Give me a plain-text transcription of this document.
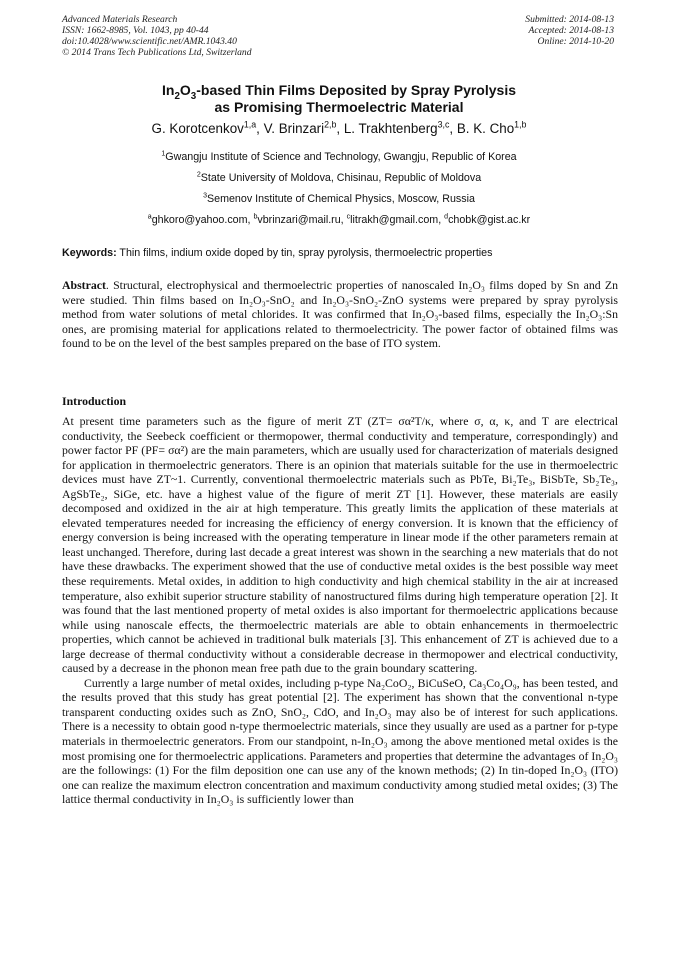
Advanced Materials Research
ISSN: 1662-8985, Vol. 1043, pp 40-44
doi:10.4028/www.scientific.net/AMR.1043.40
© 2014 Trans Tech Publications Ltd, Switzerland
Submitted: 2014-08-13
Accepted: 2014-08-13
Online: 2014-10-20
$In_2O_3$-based Thin Films Deposited by Spray Pyrolysis
as Promising Thermoelectric Material
G. Korotcenkov$^{1,a}$, V. Brinzari$^{2,b}$, L. Trakhtenberg$^{3,c}$, B. K. Cho$^{1,b}$
$^1$Gwangju Institute of Science and Technology, Gwangju, Republic of Korea
$^2$State University of Moldova, Chisinau, Republic of Moldova
$^3$Semenov Institute of Chemical Physics, Moscow, Russia
$^a$ghkoro@yahoo.com, $^b$vbrinzari@mail.ru, $^c$litrakh@gmail.com, $^d$chobk@gist.ac.kr
Keywords: Thin films, indium oxide doped by tin, spray pyrolysis, thermoelectric properties
Abstract. Structural, electrophysical and thermoelectric properties of nanoscaled In₂O₃ films doped by Sn and Zn were studied. Thin films based on In₂O₃-SnO₂ and In₂O₃-SnO₂-ZnO systems were prepared by spray pyrolysis method from water solutions of metal chlorides. It was confirmed that In₂O₃-based films, especially the In₂O₃:Sn ones, are promising material for applications related to thermoelectricity. The power factor of obtained films was found to be on the level of the best samples prepared on the base of ITO system.
Introduction

At present time parameters such as the figure of merit ZT (ZT= σα²T/κ, where σ, α, κ, and T are electrical conductivity, the Seebeck coefficient or thermopower, thermal conductivity and temperature, correspondingly) and power factor PF (PF= σα²) are the main parameters, which are usually used for characterization of materials designed for application in thermoelectric generators. There is an opinion that materials suitable for the use in thermoelectric devices must have ZT~1. Currently, conventional thermoelectric materials such as PbTe, Bi₂Te₃, BiSbTe, Sb₂Te₃, AgSbTe₂, SiGe, etc. have a highest value of the figure of merit ZT [1]. However, these materials are easily decomposed and oxidized in the air at high temperature. This greatly limits the application of these materials at elevated temperatures needed for increasing the efficiency of energy conversion. It is known that the efficiency of energy conversion is being increased with the operating temperature in linear mode if the other parameters remain at least unchanged. Therefore, during last decade a great interest was shown in the searching a new materials that do not have these drawbacks. The experiment showed that the use of conductive metal oxides is the best possible way meet these requirements. Metal oxides, in addition to high conductivity and high chemical stability in the air at increased temperature, also exhibit superior structure stability of nanostructured films during high temperature operation [2]. It was found that the last mentioned property of metal oxides is also important for thermoelectric applications because while using nanoscale effects, the thermoelectric materials are able to obtain enhancements in thermoelectric properties, which cannot be achieved in traditional bulk materials [3]. This enhancement of ZT is achieved due to a large decrease of thermal conductivity without a considerable decrease in thermopower and electrical conductivity, caused by a decrease in the phonon mean free path due to the grain boundary scattering.

Currently a large number of metal oxides, including p-type Na₂CoO₂, BiCuSeO, Ca₃Co₄O₉, has been tested, and the results proved that this study has great potential [2]. The experiment has shown that the conventional n-type transparent conducting oxides such as ZnO, SnO₂, CdO, and In₂O₃ may also be of interest for such applications. There is a necessity to obtain good n-type thermoelectric materials, since they usually are used as a partner for p-type materials in thermoelectric generators. From our standpoint, n-In₂O₃ among the above mentioned metal oxides is the most promising one for thermoelectric applications. Parameters and properties that determine the advantages of In₂O₃ are the followings: (1) For the film deposition one can use any of the known methods; (2) In tin-doped In₂O₃ (ITO) one can realize the maximum electron concentration and maximum conductivity among studied metal oxides; (3) The lattice thermal conductivity in In₂O₃ is sufficiently lower than
